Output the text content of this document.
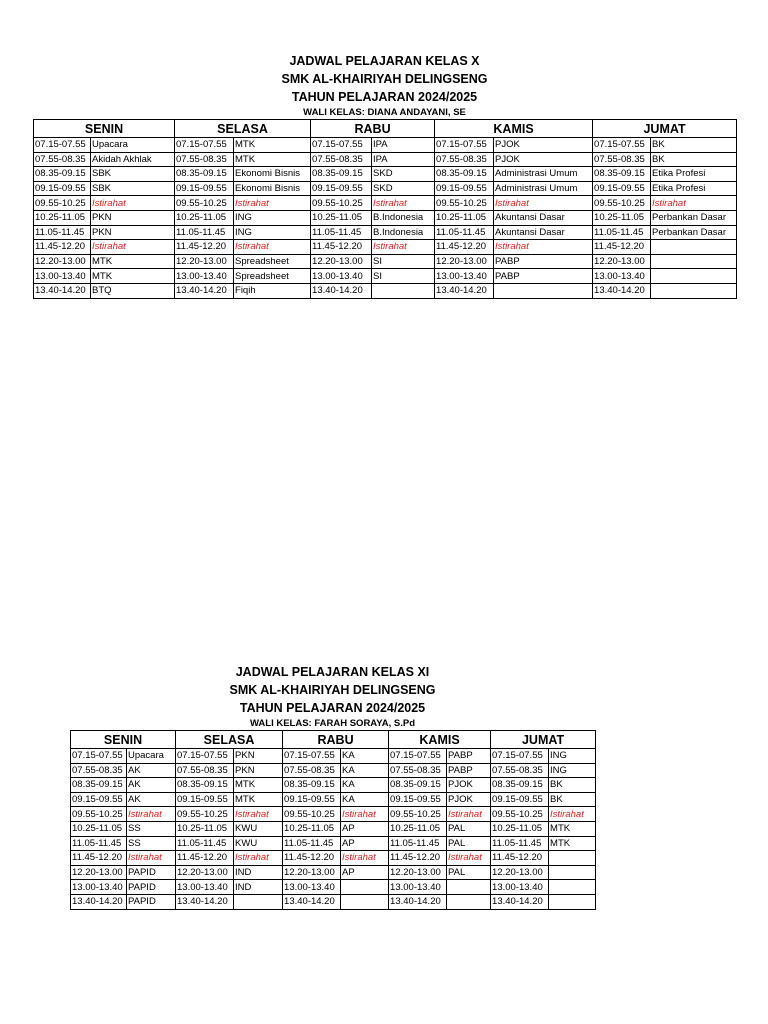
JADWAL PELAJARAN KELAS X
SMK AL-KHAIRIYAH DELINGSENG
TAHUN PELAJARAN 2024/2025
WALI KELAS: DIANA ANDAYANI, SE
SENIN		SELASA		RABU		KAMIS		JUMAT	
07.15-07.55	Upacara	07.15-07.55	MTK	07.15-07.55	IPA	07.15-07.55	PJOK	07.15-07.55	BK
07.55-08.35	Akidah Akhlak	07.55-08.35	MTK	07.55-08.35	IPA	07.55-08.35	PJOK	07.55-08.35	BK
08.35-09.15	SBK	08.35-09.15	Ekonomi Bisnis	08.35-09.15	SKD	08.35-09.15	Administrasi Umum	08.35-09.15	Etika Profesi
09.15-09.55	SBK	09.15-09.55	Ekonomi Bisnis	09.15-09.55	SKD	09.15-09.55	Administrasi Umum	09.15-09.55	Etika Profesi
09.55-10.25	Istirahat	09.55-10.25	Istirahat	09.55-10.25	Istirahat	09.55-10.25	Istirahat	09.55-10.25	Istirahat
10.25-11.05	PKN	10.25-11.05	ING	10.25-11.05	B.Indonesia	10.25-11.05	Akuntansi Dasar	10.25-11.05	Perbankan Dasar
11.05-11.45	PKN	11.05-11.45	ING	11.05-11.45	B.Indonesia	11.05-11.45	Akuntansi Dasar	11.05-11.45	Perbankan Dasar
11.45-12.20	Istirahat	11.45-12.20	Istirahat	11.45-12.20	Istirahat	11.45-12.20	Istirahat	11.45-12.20	
12.20-13.00	MTK	12.20-13.00	Spreadsheet	12.20-13.00	SI	12.20-13.00	PABP	12.20-13.00	
13.00-13.40	MTK	13.00-13.40	Spreadsheet	13.00-13.40	SI	13.00-13.40	PABP	13.00-13.40	
13.40-14.20	BTQ	13.40-14.20	Fiqih	13.40-14.20		13.40-14.20		13.40-14.20	
JADWAL PELAJARAN KELAS XI
SMK AL-KHAIRIYAH DELINGSENG
TAHUN PELAJARAN 2024/2025
WALI KELAS: FARAH SORAYA, S.Pd
SENIN		SELASA		RABU		KAMIS		JUMAT	
07.15-07.55	Upacara	07.15-07.55	PKN	07.15-07.55	KA	07.15-07.55	PABP	07.15-07.55	ING
07.55-08.35	AK	07.55-08.35	PKN	07.55-08.35	KA	07.55-08.35	PABP	07.55-08.35	ING
08.35-09.15	AK	08.35-09.15	MTK	08.35-09.15	KA	08.35-09.15	PJOK	08.35-09.15	BK
09.15-09.55	AK	09.15-09.55	MTK	09.15-09.55	KA	09.15-09.55	PJOK	09.15-09.55	BK
09.55-10.25	Istirahat	09.55-10.25	Istirahat	09.55-10.25	Istirahat	09.55-10.25	Istirahat	09.55-10.25	Istirahat
10.25-11.05	SS	10.25-11.05	KWU	10.25-11.05	AP	10.25-11.05	PAL	10.25-11.05	MTK
11.05-11.45	SS	11.05-11.45	KWU	11.05-11.45	AP	11.05-11.45	PAL	11.05-11.45	MTK
11.45-12.20	Istirahat	11.45-12.20	Istirahat	11.45-12.20	Istirahat	11.45-12.20	Istirahat	11.45-12.20	
12.20-13.00	PAPID	12.20-13.00	IND	12.20-13.00	AP	12.20-13.00	PAL	12.20-13.00	
13.00-13.40	PAPID	13.00-13.40	IND	13.00-13.40		13.00-13.40		13.00-13.40	
13.40-14.20	PAPID	13.40-14.20		13.40-14.20		13.40-14.20		13.40-14.20	
